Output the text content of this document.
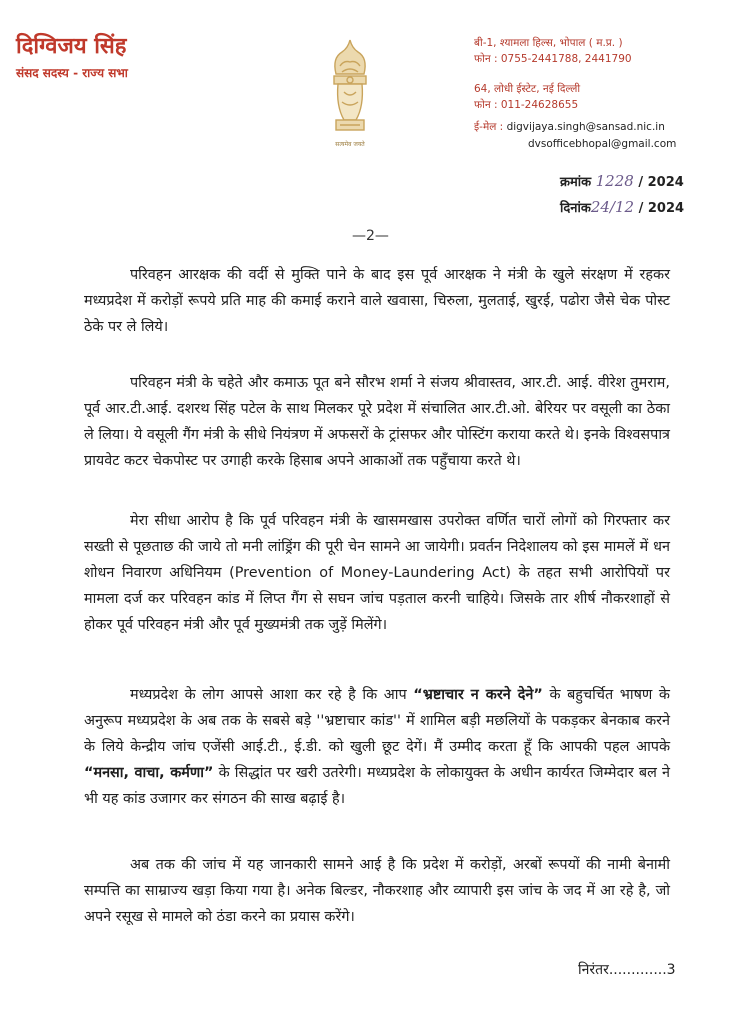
दिग्विजय सिंह
संसद सदस्य - राज्य सभा
सत्यमेव जयते
बी-1, श्यामला हिल्स, भोपाल ( म.प्र. )
फोन : 0755-2441788, 2441790
64, लोधी ईस्टेट, नई दिल्ली
फोन : 011-24628655
ई-मेल : digvijaya.singh@sansad.nic.in
dvsofficebhopal@gmail.com
क्रमांक 1228 / 2024
दिनांक24/12 / 2024
—2—

परिवहन आरक्षक की वर्दी से मुक्ति पाने के बाद इस पूर्व आरक्षक ने मंत्री के खुले संरक्षण में रहकर मध्यप्रदेश में करोड़ों रूपये प्रति माह की कमाई कराने वाले खवासा, चिरुला, मुलताई, खुरई, पढोरा जैसे चेक पोस्ट ठेके पर ले लिये।

परिवहन मंत्री के चहेते और कमाऊ पूत बने सौरभ शर्मा ने संजय श्रीवास्तव, आर.टी. आई. वीरेश तुमराम, पूर्व आर.टी.आई. दशरथ सिंह पटेल के साथ मिलकर पूरे प्रदेश में संचालित आर.टी.ओ. बेरियर पर वसूली का ठेका ले लिया। ये वसूली गैंग मंत्री के सीधे नियंत्रण में अफसरों के ट्रांसफर और पोस्टिंग कराया करते थे। इनके विश्वसपात्र प्रायवेट कटर चेकपोस्ट पर उगाही करके हिसाब अपने आकाओं तक पहुँचाया करते थे।

मेरा सीधा आरोप है कि पूर्व परिवहन मंत्री के खासमखास उपरोक्त वर्णित चारों लोगों को गिरफ्तार कर सख्ती से पूछताछ की जाये तो मनी लांड्रिंग की पूरी चेन सामने आ जायेगी। प्रवर्तन निदेशालय को इस मामलें में धन शोधन निवारण अधिनियम (Prevention of Money-Laundering Act) के तहत सभी आरोपियों पर मामला दर्ज कर परिवहन कांड में लिप्त गैंग से सघन जांच पड़ताल करनी चाहिये। जिसके तार शीर्ष नौकरशाहों से होकर पूर्व परिवहन मंत्री और पूर्व मुख्यमंत्री तक जुड़ें मिलेंगे।

मध्यप्रदेश के लोग आपसे आशा कर रहे है कि आप “भ्रष्टाचार न करने देने” के बहुचर्चित भाषण के अनुरूप मध्यप्रदेश के अब तक के सबसे बड़े ''भ्रष्टाचार कांड'' में शामिल बड़ी मछलियों के पकड़कर बेनकाब करने के लिये केन्द्रीय जांच एजेंसी आई.टी., ई.डी. को खुली छूट देगें। मैं उम्मीद करता हूँ कि आपकी पहल आपके “मनसा, वाचा, कर्मणा” के सिद्धांत पर खरी उतरेगी। मध्यप्रदेश के लोकायुक्त के अधीन कार्यरत जिम्मेदार बल ने भी यह कांड उजागर कर संगठन की साख बढ़ाई है।

अब तक की जांच में यह जानकारी सामने आई है कि प्रदेश में करोड़ों, अरबों रूपयों की नामी बेनामी सम्पत्ति का साम्राज्य खड़ा किया गया है। अनेक बिल्डर, नौकरशाह और व्यापारी इस जांच के जद में आ रहे है, जो अपने रसूख से मामले को ठंडा करने का प्रयास करेंगे।

निरंतर.............3
